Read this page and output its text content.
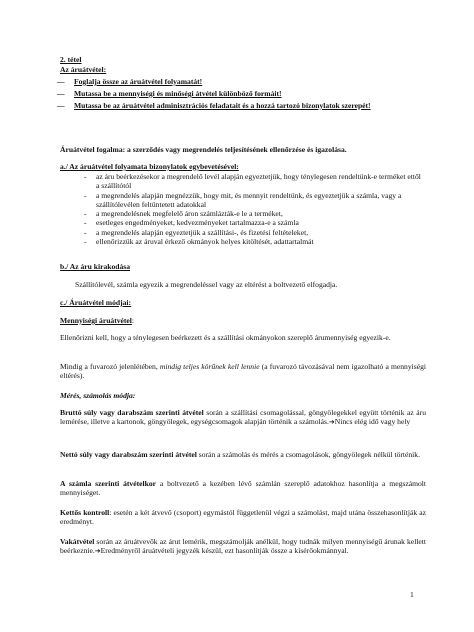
2. tétel
Az áruátvétel:
— Foglalja össze az áruátvétel folyamatát!
— Mutassa be a mennyiségi és minőségi átvétel különböző formáit!
— Mutassa be az áruátvétel adminisztrációs feladatait és a hozzá tartozó bizonylatok szerepét!
Áruátvétel fogalma: a szerződés vagy megrendelés teljesítésének ellenőrzése és igazolása.
a./ Az áruátvétel folyamata bizonylatok egybevetésével:
- az áru beérkezésekor a megrendelő levél alapján egyeztetjük, hogy ténylegesen rendeltünk-e terméket ettől a szállítótól
- a megrendelés alapján megnézzük, hogy mit, és mennyit rendeltünk, és egyeztetjük a számla, vagy a szállítólevélen feltüntetett adatokkal
- a megrendelésnek megfelelő áron számlázták-e le a terméket,
- esetleges engedményeket, kedvezményeket tartalmazza-e a számla
- a megrendelés alapján egyeztetjük a szállítási-, és fizetési feltételeket,
- ellenőrizzük az áruval érkező okmányok helyes kitöltését, adattartalmát
b./ Az áru kirakodása
Szállítólevél, számla egyezik a megrendeléssel vagy az eltérést a boltvezető elfogadja.
c./ Áruátvétel módjai:
Mennyiségi áruátvétel:
Ellenőrizni kell, hogy a ténylegesen beérkezett és a szállítási okmányokon szereplő árumennyiség egyezik-e.
Mindig a fuvarozó jelenlétében, mindig teljes körűnek kell lennie (a fuvarozó távozásával nem igazolható a mennyiségi eltérés).
Mérés, számolás módja:
Bruttó súly vagy darabszám szerinti átvétel során a szállítási csomagolással, göngyölegekkel együtt történik az áru lemérése, illetve a kartonok, göngyölegek, egységcsomagok alapján történik a számolás.➔Nincs elég idő vagy hely
Nettó súly vagy darabszám szerinti átvétel során a számolás és mérés a csomagolások, göngyölegek nélkül történik.
A számla szerinti átvételkor a boltvezető a kezében lévő számlán szereplő adatokhoz hasonlítja a megszámolt mennyiséget.
Kettős kontroll: esetén a két átvevő (csoport) egymástól függetlenül végzi a számolást, majd utána összehasonlítják az eredményt.
Vakátvétel során az áruátvevők az árut lemérik, megszámolják anélkül, hogy tudnák milyen mennyiségű árunak kellett beérkeznie.➔Eredményről áruátvételi jegyzék készül, ezt hasonlítják össze a kísérőokmánnyal.
1
